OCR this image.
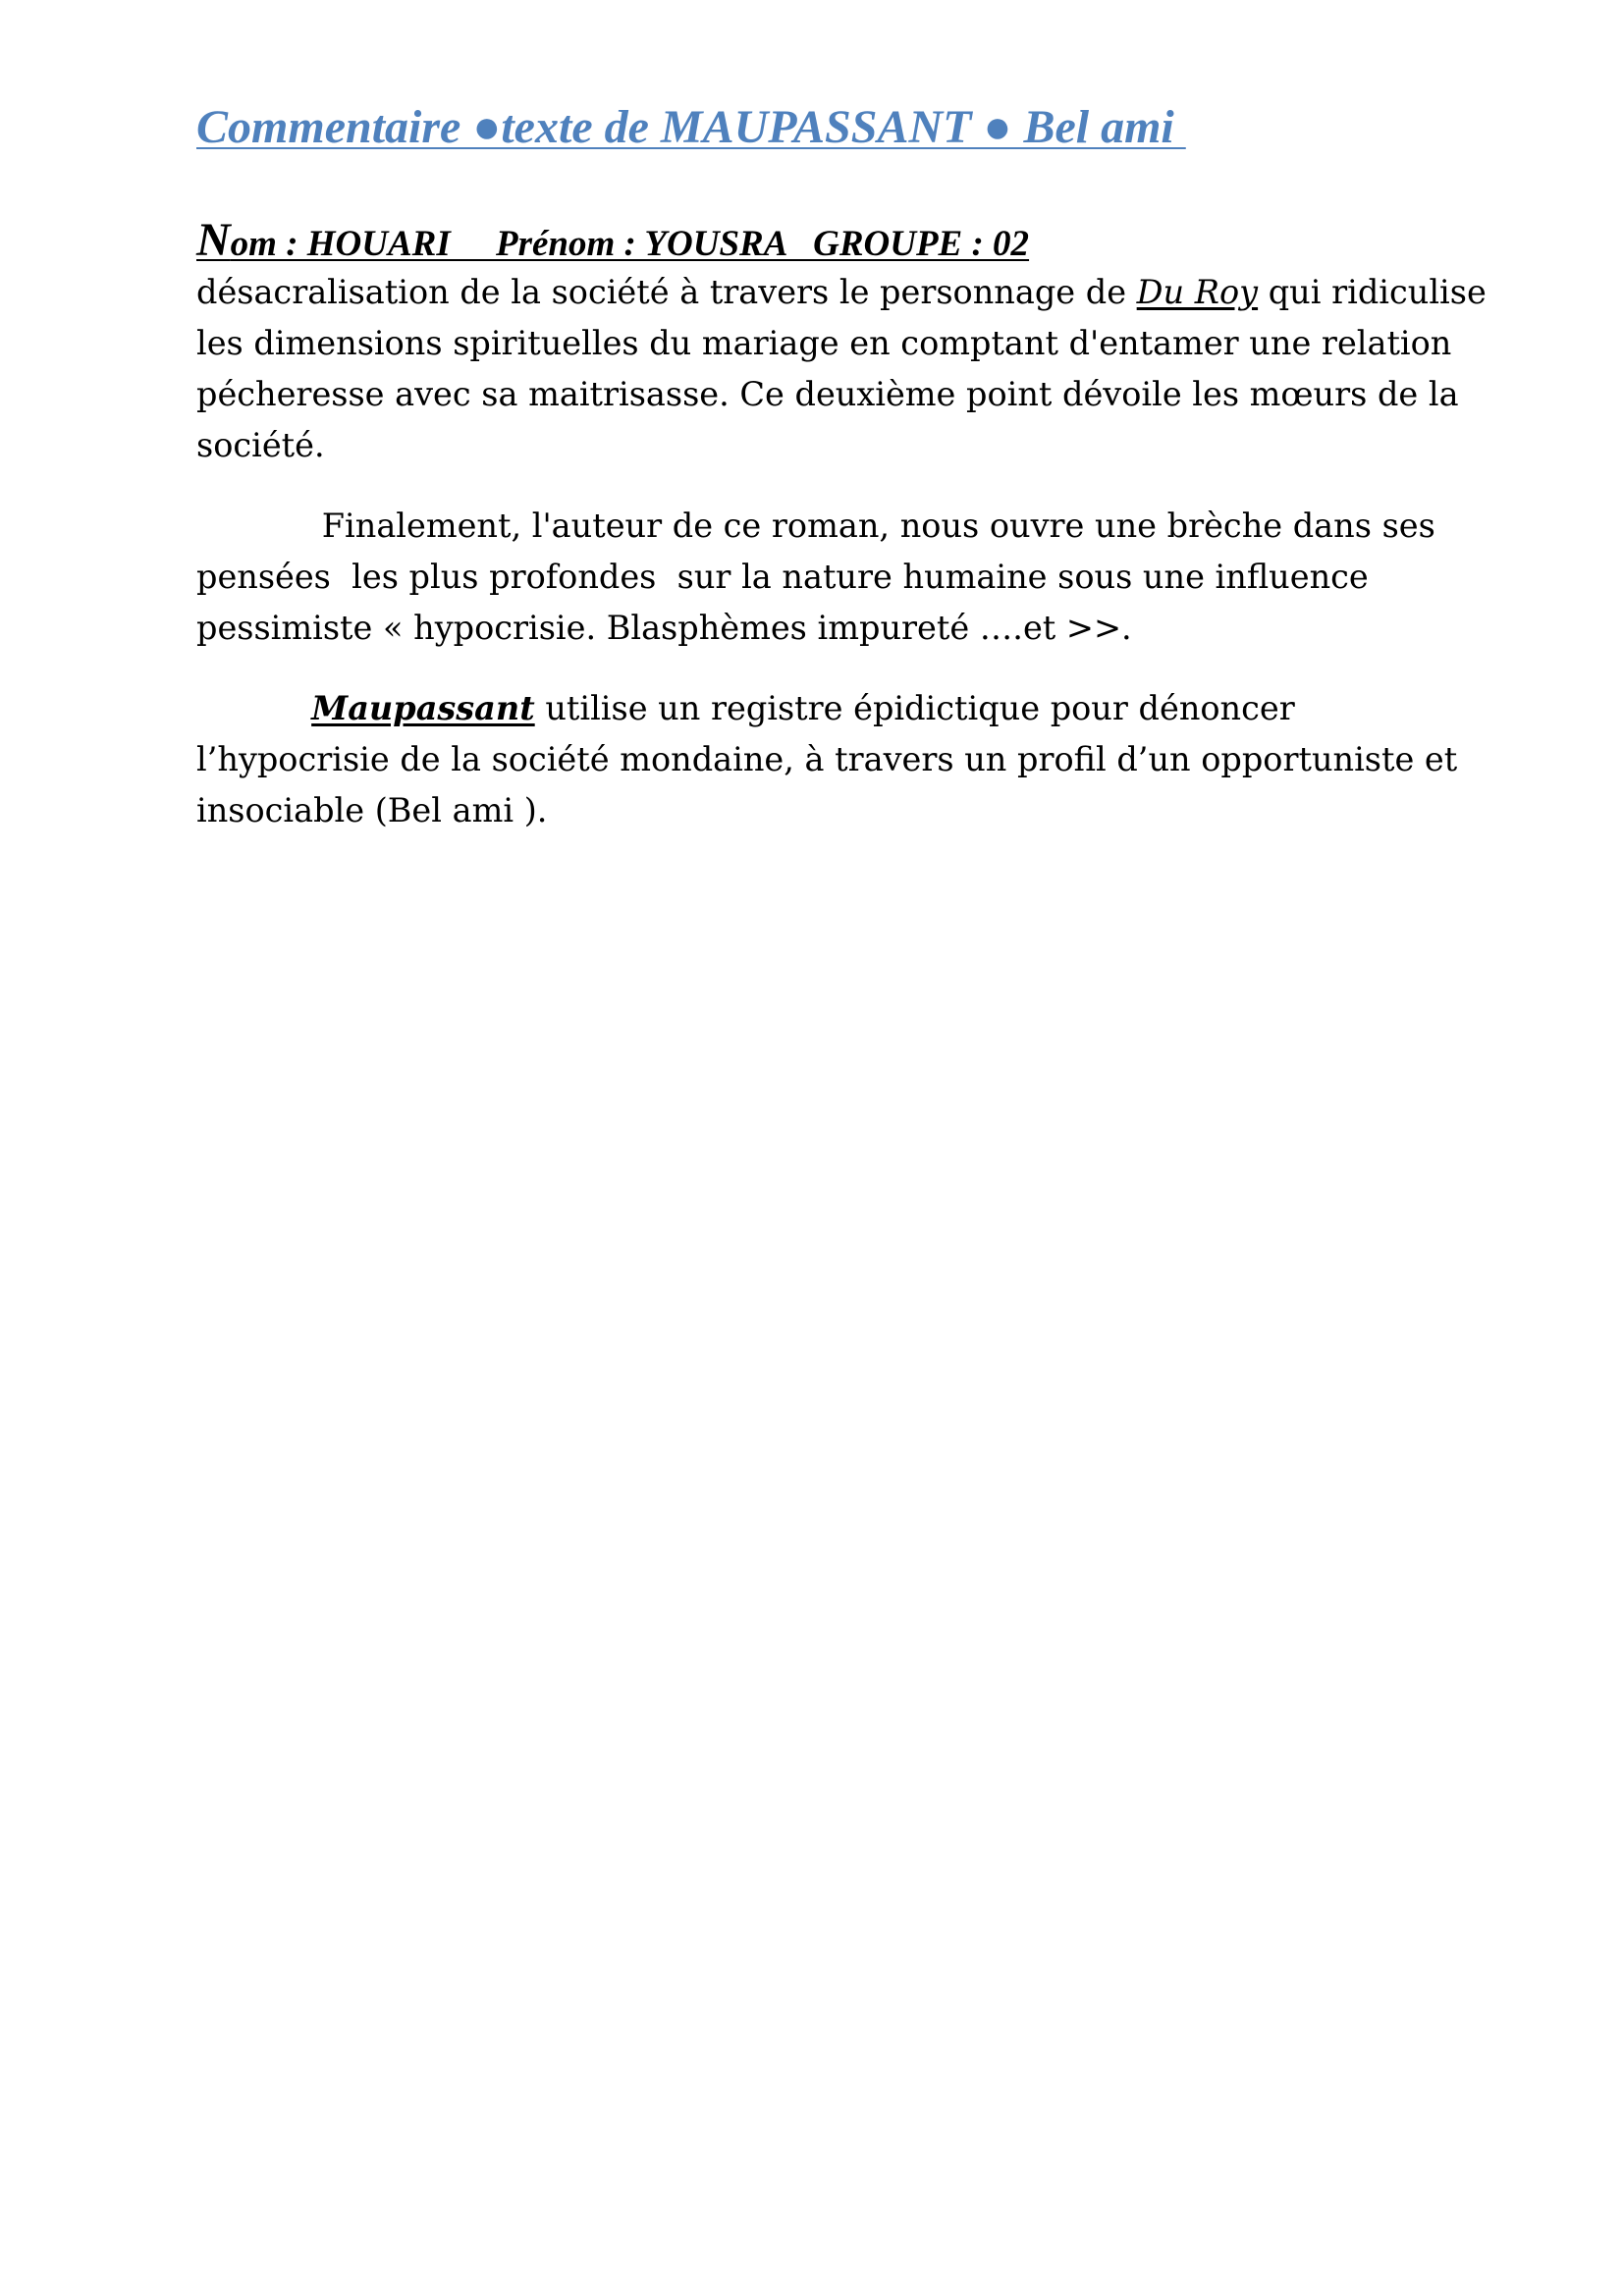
Commentaire ●texte de MAUPASSANT ● Bel ami
Nom : HOUARI     Prénom : YOUSRA   GROUPE : 02
désacralisation de la société à travers le personnage de Du Roy qui ridiculise
les dimensions spirituelles du mariage en comptant d'entamer une relation
pécheresse avec sa maitrisasse. Ce deuxième point dévoile les mœurs de la
société.
Finalement, l'auteur de ce roman, nous ouvre une brèche dans ses
pensées  les plus profondes  sur la nature humaine sous une influence
pessimiste « hypocrisie. Blasphèmes impureté ….et >>.
Maupassant utilise un registre épidictique pour dénoncer
l’hypocrisie de la société mondaine, à travers un profil d’un opportuniste et
insociable (Bel ami ).
